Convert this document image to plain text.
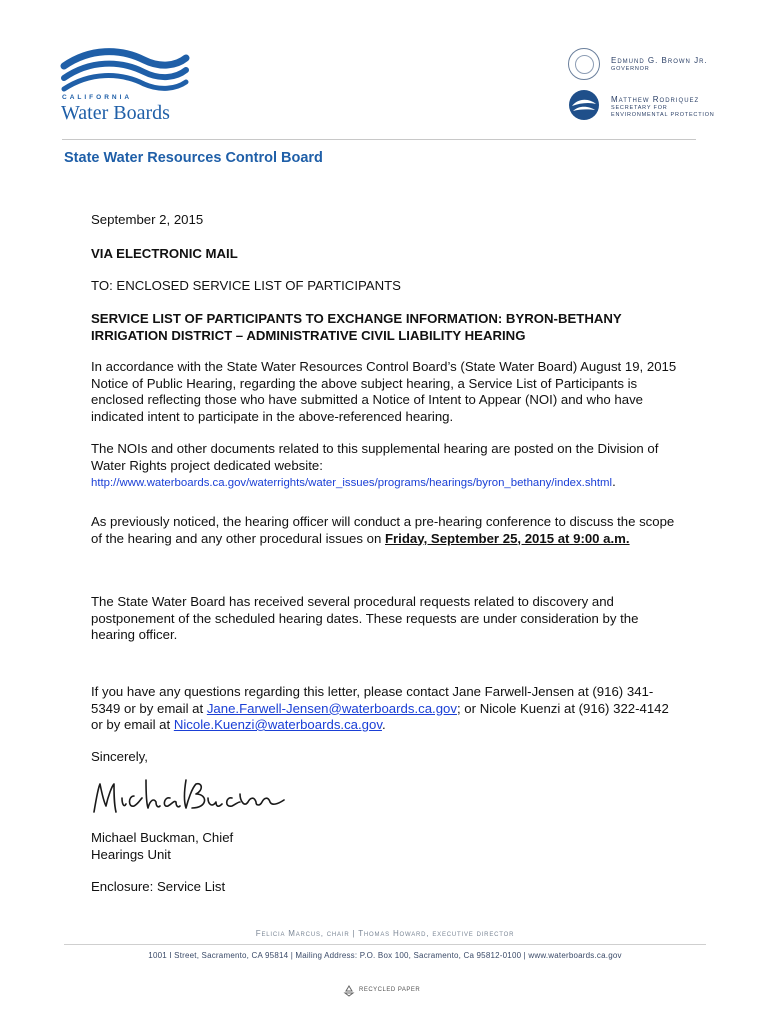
CALIFORNIA
Water Boards
Edmund G. Brown Jr.
GOVERNOR
Matthew Rodriquez
SECRETARY FOR
ENVIRONMENTAL PROTECTION
State Water Resources Control Board
September 2, 2015
VIA ELECTRONIC MAIL
TO: ENCLOSED SERVICE LIST OF PARTICIPANTS
SERVICE LIST OF PARTICIPANTS TO EXCHANGE INFORMATION: BYRON-BETHANY IRRIGATION DISTRICT – ADMINISTRATIVE CIVIL LIABILITY HEARING
In accordance with the State Water Resources Control Board’s (State Water Board) August 19, 2015 Notice of Public Hearing, regarding the above subject hearing, a Service List of Participants is enclosed reflecting those who have submitted a Notice of Intent to Appear (NOI) and who have indicated intent to participate in the above-referenced hearing.
The NOIs and other documents related to this supplemental hearing are posted on the Division of Water Rights project dedicated website:
http://www.waterboards.ca.gov/waterrights/water_issues/programs/hearings/byron_bethany/index.shtml.
As previously noticed, the hearing officer will conduct a pre-hearing conference to discuss the scope of the hearing and any other procedural issues on Friday, September 25, 2015 at 9:00 a.m.
The State Water Board has received several procedural requests related to discovery and postponement of the scheduled hearing dates. These requests are under consideration by the hearing officer.
If you have any questions regarding this letter, please contact Jane Farwell-Jensen at (916) 341-5349 or by email at Jane.Farwell-Jensen@waterboards.ca.gov; or Nicole Kuenzi at (916) 322-4142 or by email at Nicole.Kuenzi@waterboards.ca.gov.
Sincerely,
Michael Buckman, Chief
Hearings Unit
Enclosure: Service List
Felicia Marcus, chair | Thomas Howard, executive director
1001 I Street, Sacramento, CA 95814 | Mailing Address: P.O. Box 100, Sacramento, Ca 95812-0100 | www.waterboards.ca.gov
RECYCLED PAPER
